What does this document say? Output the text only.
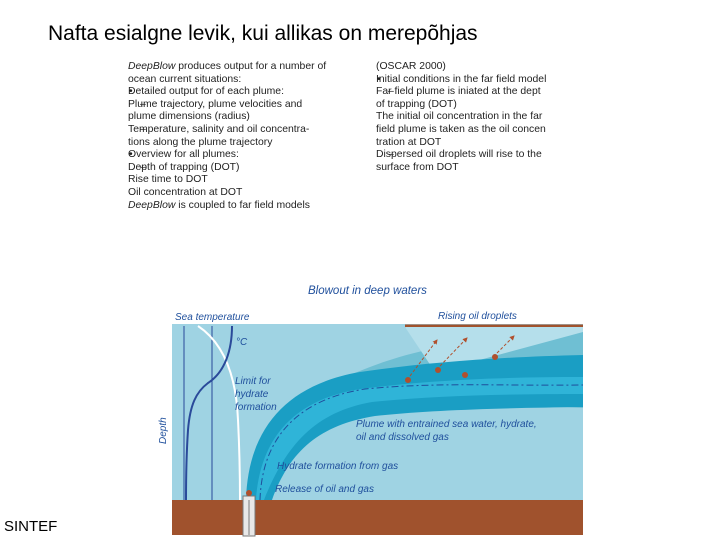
Nafta esialgne levik, kui allikas on merepõhjas
DeepBlow produces output for a number of
ocean current situations:
• Detailed output for of each plume:
– Plume trajectory, plume velocities and
plume dimensions (radius)
– Temperature, salinity and oil concentra-
tions along the plume trajectory
• Overview for all plumes:
– Depth of trapping (DOT)
Rise time to DOT
Oil concentration at DOT
DeepBlow is coupled to far field models
(OSCAR 2000)
• Initial conditions in the far field model
– Far field plume is iniated at the dept
of trapping (DOT)
The initial oil concentration in the far
field plume is taken as the oil concen
tration at DOT
– Dispersed oil droplets will rise to the
surface from DOT
Blowout in deep waters
Sea temperature
°C
Depth
Limit for
hydrate
formation
Rising oil droplets
Plume with entrained sea water, hydrate,
oil and dissolved gas
Hydrate formation from gas
Release of oil and gas
SINTEF
